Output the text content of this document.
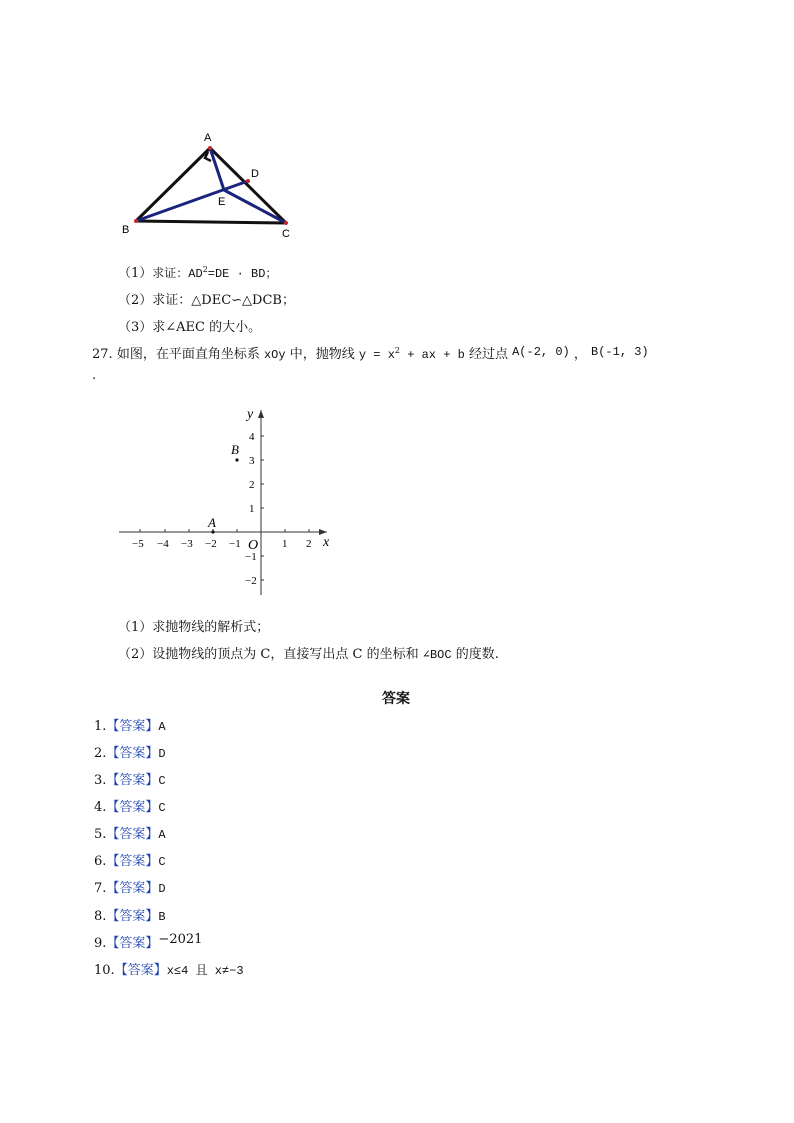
A
B	C
D
E
（1）求证：$AD^2=DE$ · BD；
（2）求证：△DEC∽△DCB；
（3）求∠AEC 的大小。
27. 如图，在平面直角坐标系 xOy 中，抛物线 $y = x^2$ + ax + b 经过点 A(-2, 0) ， B(-1, 3)
.
−5 −4 −3 −2 −1	1 2
4
3
2
1
−1
−2
x
y
O
A
B
（1）求抛物线的解析式；
（2）设抛物线的顶点为 C，直接写出点 C 的坐标和 ∠BOC 的度数.
答案
1.【答案】A
2.【答案】D
3.【答案】C
4.【答案】C
5.【答案】A
6.【答案】C
7.【答案】D
8.【答案】B
9.【答案】−2021
10.【答案】x≤4 且 x≠−3
